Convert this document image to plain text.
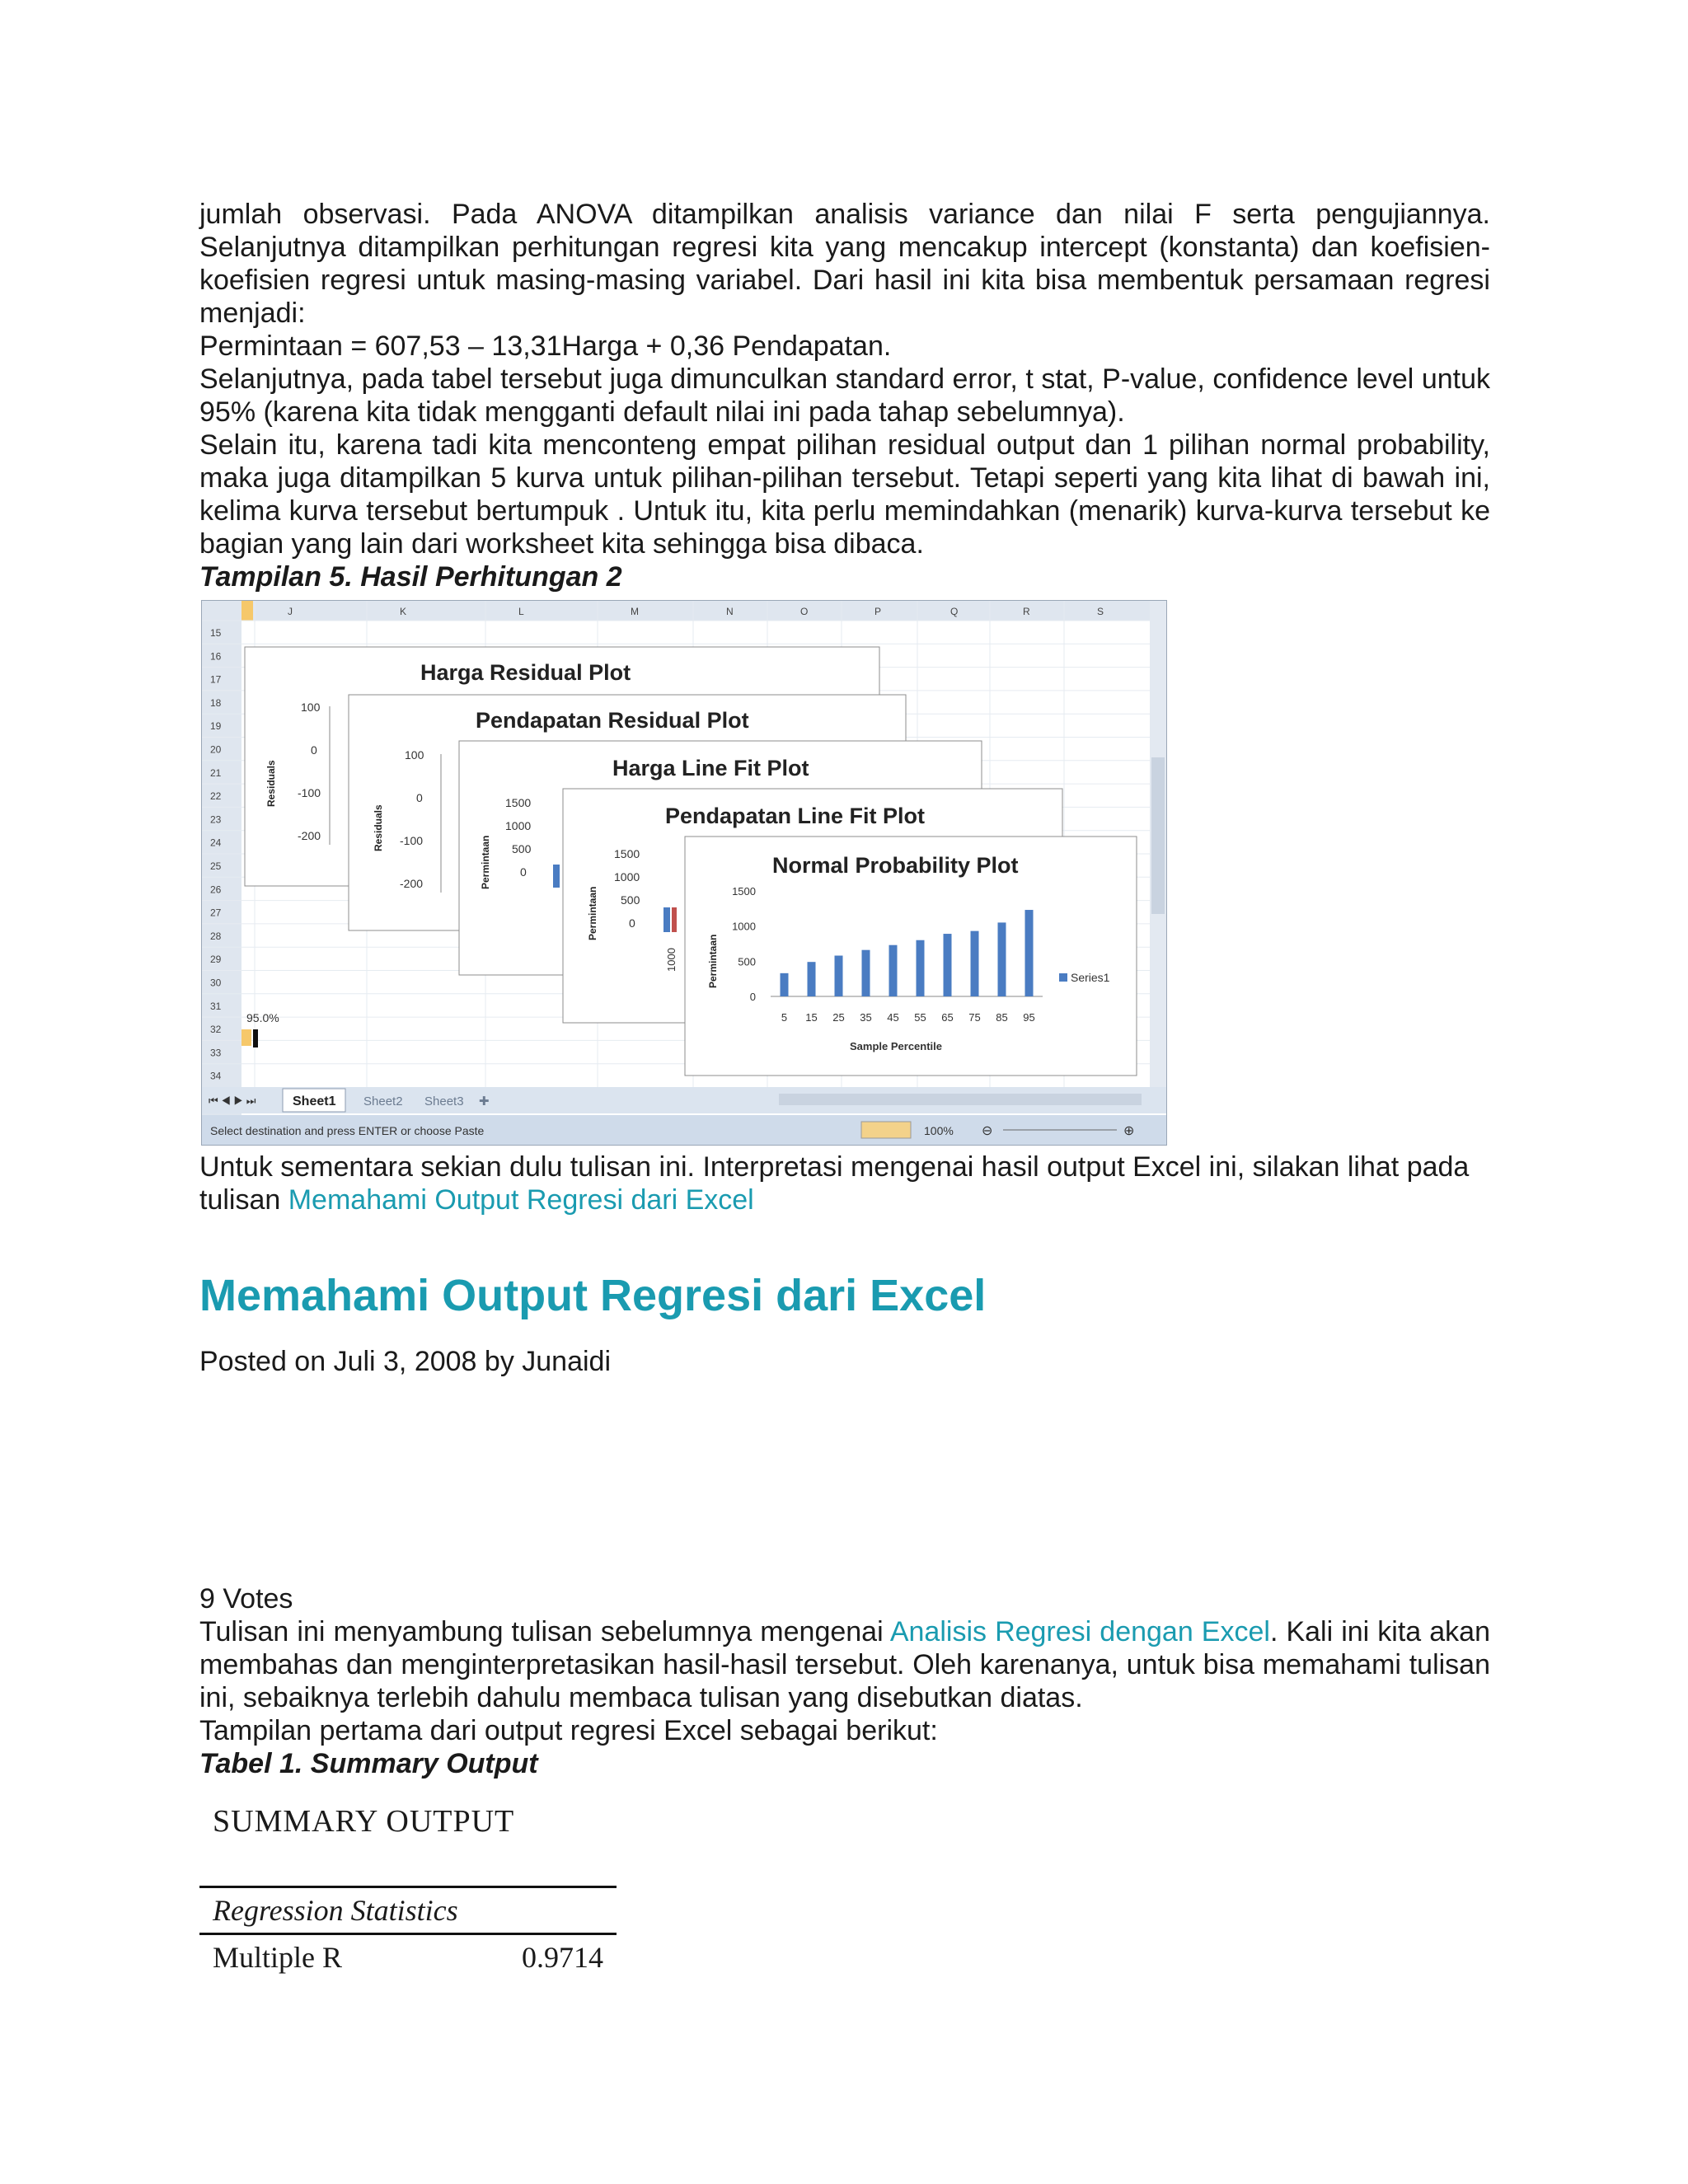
jumlah observasi. Pada ANOVA ditampilkan analisis variance dan nilai F serta pengujiannya. Selanjutnya ditampilkan perhitungan regresi kita yang mencakup intercept (konstanta) dan koefisien-koefisien regresi untuk masing-masing variabel. Dari hasil ini kita bisa membentuk persamaan regresi menjadi:

Permintaan = 607,53 – 13,31Harga + 0,36 Pendapatan.

Selanjutnya, pada tabel tersebut juga dimunculkan standard error, t stat, P-value, confidence level untuk 95% (karena kita tidak mengganti default nilai ini pada tahap sebelumnya).

Selain itu, karena tadi kita menconteng empat pilihan residual output dan 1 pilihan normal probability, maka juga ditampilkan 5 kurva untuk pilihan-pilihan tersebut. Tetapi seperti yang kita lihat di bawah ini, kelima kurva tersebut bertumpuk . Untuk itu, kita perlu memindahkan (menarik) kurva-kurva tersebut ke bagian yang lain dari worksheet kita sehingga bisa dibaca.

Tampilan 5. Hasil Perhitungan 2

J	K	L	M	N	O	P	Q	R	S
15
16
17
18
19
20
21
22
23
24
25
26
27
28
29
30
31
32
33
34
Harga Residual Plot
100
0
-100
-200
Residuals
Pendapatan Residual Plot
100
0
-100
-200
Residuals
Harga Line Fit Plot
1500
1000
500
0
Permintaan
Pendapatan Line Fit Plot
1500
1000
500
0
Permintaan
1000
Normal Probability Plot
Permintaan
1500
1000
500
0
5 15 25 35 45 55 65 75 85 95
Sample Percentile
Series1
95.0%
⏮ ◀ ▶ ⏭	Sheet1 Sheet2 Sheet3 ✚
Select destination and press ENTER or choose Paste	100% ⊖	⊕

Untuk sementara sekian dulu tulisan ini. Interpretasi mengenai hasil output Excel ini, silakan lihat pada tulisan Memahami Output Regresi dari Excel

Memahami Output Regresi dari Excel

Posted on Juli 3, 2008 by Junaidi

9 Votes

Tulisan ini menyambung tulisan sebelumnya mengenai Analisis Regresi dengan Excel. Kali ini kita akan membahas dan menginterpretasikan hasil-hasil tersebut. Oleh karenanya, untuk bisa memahami tulisan ini, sebaiknya terlebih dahulu membaca tulisan yang disebutkan diatas.

Tampilan pertama dari output regresi Excel sebagai berikut:

Tabel 1. Summary Output

SUMMARY OUTPUT
Regression Statistics
Multiple R	0.9714
